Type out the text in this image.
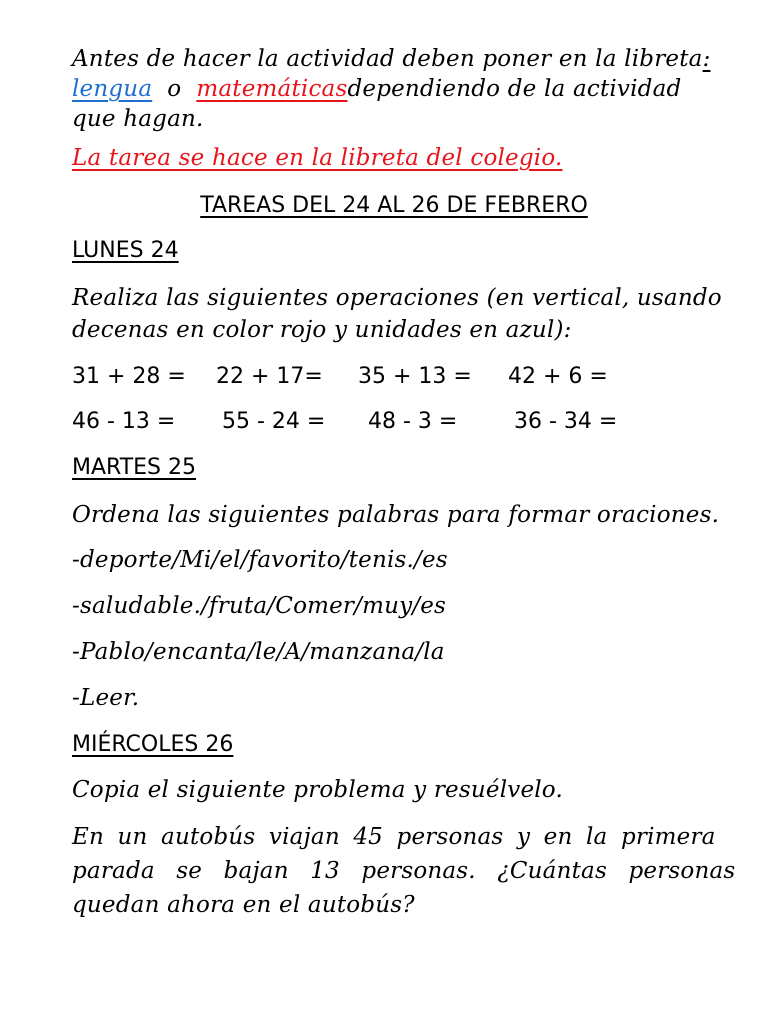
Antes de hacer la actividad deben poner en la libreta:
lengua o matemáticasdependiendo de la actividad
que hagan.
La tarea se hace en la libreta del colegio.
TAREAS DEL 24 AL 26 DE FEBRERO
LUNES 24
Realiza las siguientes operaciones (en vertical, usando
decenas en color rojo y unidades en azul):
31 + 28 = 22 + 17= 35 + 13 = 42 + 6 =
46 - 13 = 55 - 24 = 48 - 3 =	36 - 34 =
MARTES 25
Ordena las siguientes palabras para formar oraciones.
-deporte/Mi/el/favorito/tenis./es
-saludable./fruta/Comer/muy/es
-Pablo/encanta/le/A/manzana/la
-Leer.
MIÉRCOLES 26
Copia el siguiente problema y resuélvelo.
En un autobús viajan 45 personas y en la primera
parada se bajan 13 personas. ¿Cuántas personas
quedan ahora en el autobús?
